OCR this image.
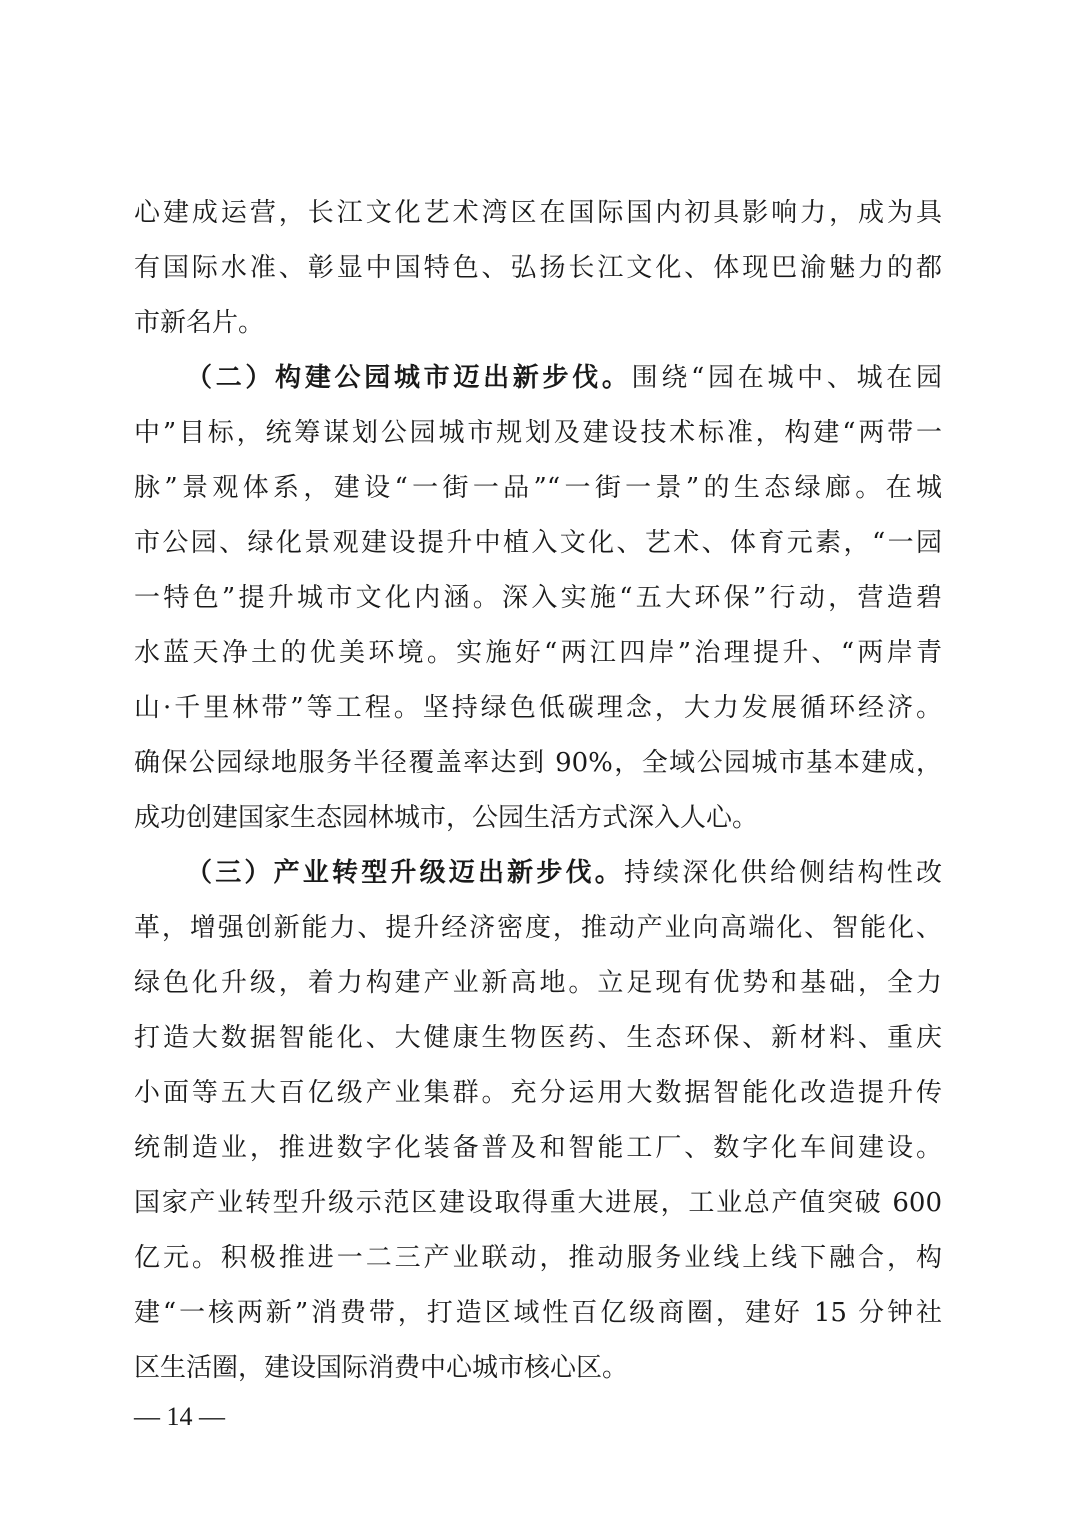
心建成运营，长江文化艺术湾区在国际国内初具影响力，成为具
有国际水准、彰显中国特色、弘扬长江文化、体现巴渝魅力的都
市新名片。
（二）构建公园城市迈出新步伐。围绕“园在城中、城在园
中”目标，统筹谋划公园城市规划及建设技术标准，构建“两带一
脉”景观体系，建设“一街一品”“一街一景”的生态绿廊。在城
市公园、绿化景观建设提升中植入文化、艺术、体育元素，“一园
一特色”提升城市文化内涵。深入实施“五大环保”行动，营造碧
水蓝天净土的优美环境。实施好“两江四岸”治理提升、“两岸青
山·千里林带”等工程。坚持绿色低碳理念，大力发展循环经济。
确保公园绿地服务半径覆盖率达到 90%，全域公园城市基本建成，
成功创建国家生态园林城市，公园生活方式深入人心。
（三）产业转型升级迈出新步伐。持续深化供给侧结构性改
革，增强创新能力、提升经济密度，推动产业向高端化、智能化、
绿色化升级，着力构建产业新高地。立足现有优势和基础，全力
打造大数据智能化、大健康生物医药、生态环保、新材料、重庆
小面等五大百亿级产业集群。充分运用大数据智能化改造提升传
统制造业，推进数字化装备普及和智能工厂、数字化车间建设。
国家产业转型升级示范区建设取得重大进展，工业总产值突破 600
亿元。积极推进一二三产业联动，推动服务业线上线下融合，构
建“一核两新”消费带，打造区域性百亿级商圈，建好 15 分钟社
区生活圈，建设国际消费中心城市核心区。
— 14 —
